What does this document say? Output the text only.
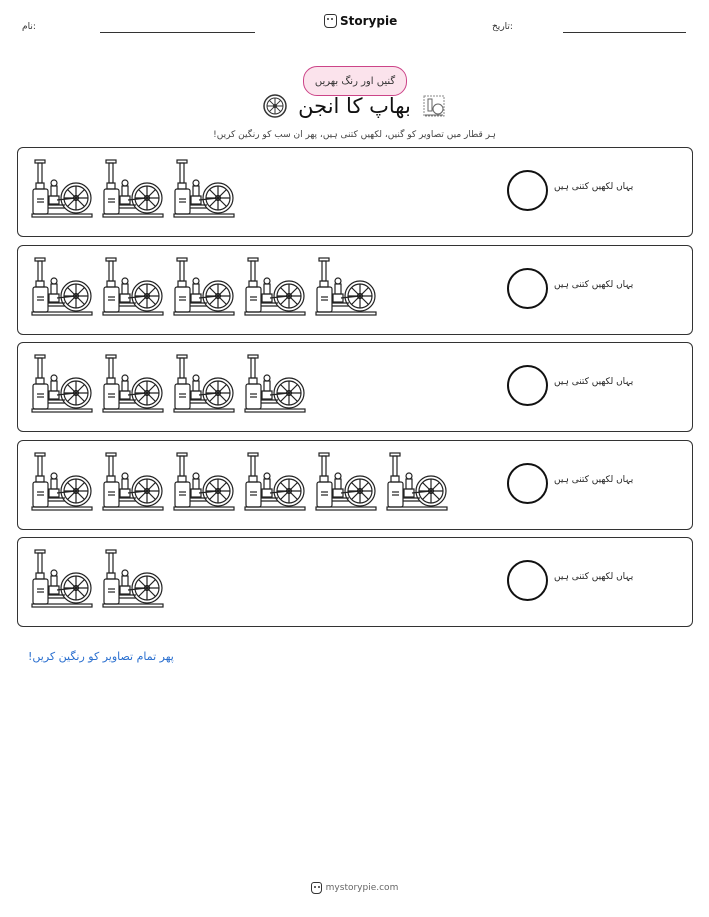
نام:	Storypie	تاریخ:
گنیں اور رنگ بھریں
بھاپ کا انجن
ہر قطار میں تصاویر کو گنیں، لکھیں کتنی ہیں، پھر ان سب کو رنگین کریں!
یہاں لکھیں کتنی ہیں
یہاں لکھیں کتنی ہیں
یہاں لکھیں کتنی ہیں
یہاں لکھیں کتنی ہیں
یہاں لکھیں کتنی ہیں
پھر تمام تصاویر کو رنگین کریں!
mystorypie.com
